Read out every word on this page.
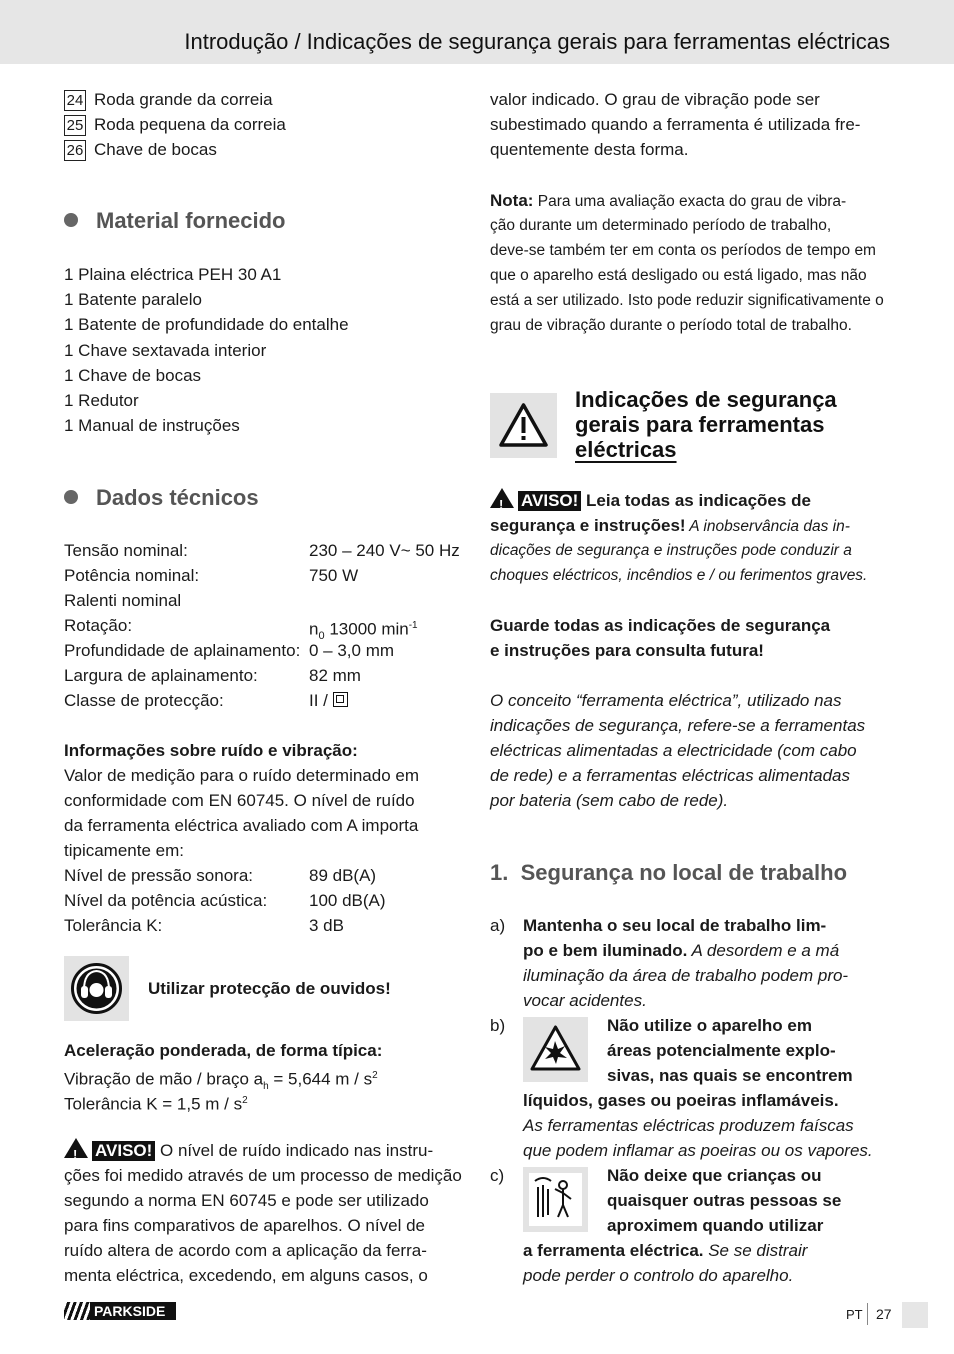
Introdução / Indicações de segurança gerais para ferramentas eléctricas
24 Roda grande da correia
25 Roda pequena da correia
26 Chave de bocas
Material fornecido
1 Plaina eléctrica PEH 30 A1
1 Batente paralelo
1 Batente de profundidade do entalhe
1 Chave sextavada interior
1 Chave de bocas
1 Redutor
1 Manual de instruções
Dados técnicos
Tensão nominal:	230 – 240 V~ 50 Hz
Potência nominal:	750 W
Ralenti nominal
Rotação:	$n_0$ 13000 $\min^{-1}$
Profundidade de aplainamento: 0 – 3,0 mm
Largura de aplainamento:	82 mm
Classe de protecção:	II /
Informações sobre ruído e vibração:
Valor de medição para o ruído determinado em
conformidade com EN 60745. O nível de ruído
da ferramenta eléctrica avaliado com A importa
tipicamente em:
Nível de pressão sonora:	89 dB(A)
Nível da potência acústica: 100 dB(A)
Tolerância K:	3 dB
Utilizar protecção de ouvidos!
Aceleração ponderada, de forma típica:
Vibração de mão / braço $a_h = 5,644$ m / $s^2$
Tolerância K = 1,5 m / $s^2$
! AVISO! O nível de ruído indicado nas instru-
ções foi medido através de um processo de medição
segundo a norma EN 60745 e pode ser utilizado
para fins comparativos de aparelhos. O nível de
ruído altera de acordo com a aplicação da ferra-
menta eléctrica, excedendo, em alguns casos, o
valor indicado. O grau de vibração pode ser
subestimado quando a ferramenta é utilizada fre-
quentemente desta forma.
Nota: Para uma avaliação exacta do grau de vibra-
ção durante um determinado período de trabalho,
deve-se também ter em conta os períodos de tempo em
que o aparelho está desligado ou está ligado, mas não
está a ser utilizado. Isto pode reduzir significativamente o
grau de vibração durante o período total de trabalho.
Indicações de segurança
gerais para ferramentas
eléctricas
! AVISO! Leia todas as indicações de
segurança e instruções! A inobservância das in-
dicações de segurança e instruções pode conduzir a
choques eléctricos, incêndios e / ou ferimentos graves.
Guarde todas as indicações de segurança
e instruções para consulta futura!
O conceito “ferramenta eléctrica”, utilizado nas
indicações de segurança, refere-se a ferramentas
eléctricas alimentadas a electricidade (com cabo
de rede) e a ferramentas eléctricas alimentadas
por bateria (sem cabo de rede).
1. Segurança no local de trabalho
a) Mantenha o seu local de trabalho lim-
po e bem iluminado. A desordem e a má
iluminação da área de trabalho podem pro-
vocar acidentes.
b)	Não utilize o aparelho em
áreas potencialmente explo-
sivas, nas quais se encontrem
líquidos, gases ou poeiras inflamáveis.
As ferramentas eléctricas produzem faíscas
que podem inflamar as poeiras ou os vapores.
c)	Não deixe que crianças ou
quaisquer outras pessoas se
aproximem quando utilizar
a ferramenta eléctrica. Se se distrair
pode perder o controlo do aparelho.
PARKSIDE	PT 27
